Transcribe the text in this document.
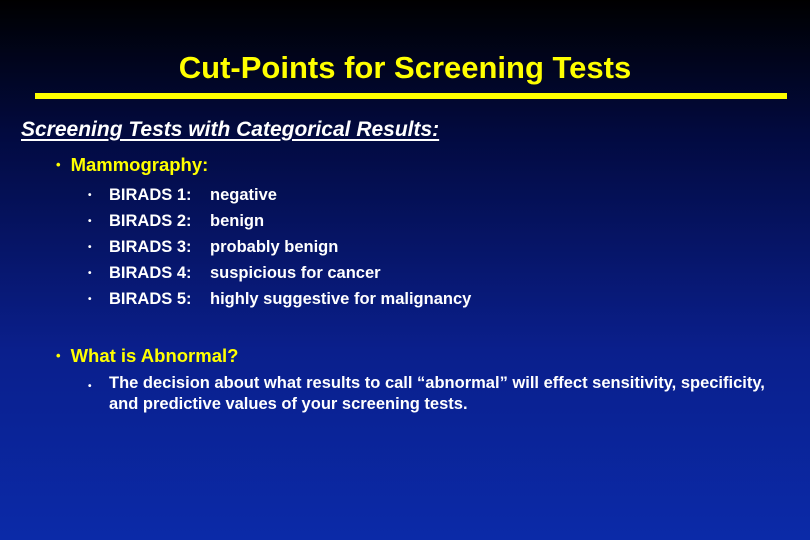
Cut-Points for Screening Tests
Screening Tests with Categorical Results:
• Mammography:
• BIRADS 1: negative
• BIRADS 2: benign
• BIRADS 3: probably benign
• BIRADS 4: suspicious for cancer
• BIRADS 5: highly suggestive for malignancy
• What is Abnormal?
•	The decision about what results to call “abnormal” will effect sensitivity, specificity, and predictive values of your screening tests.
